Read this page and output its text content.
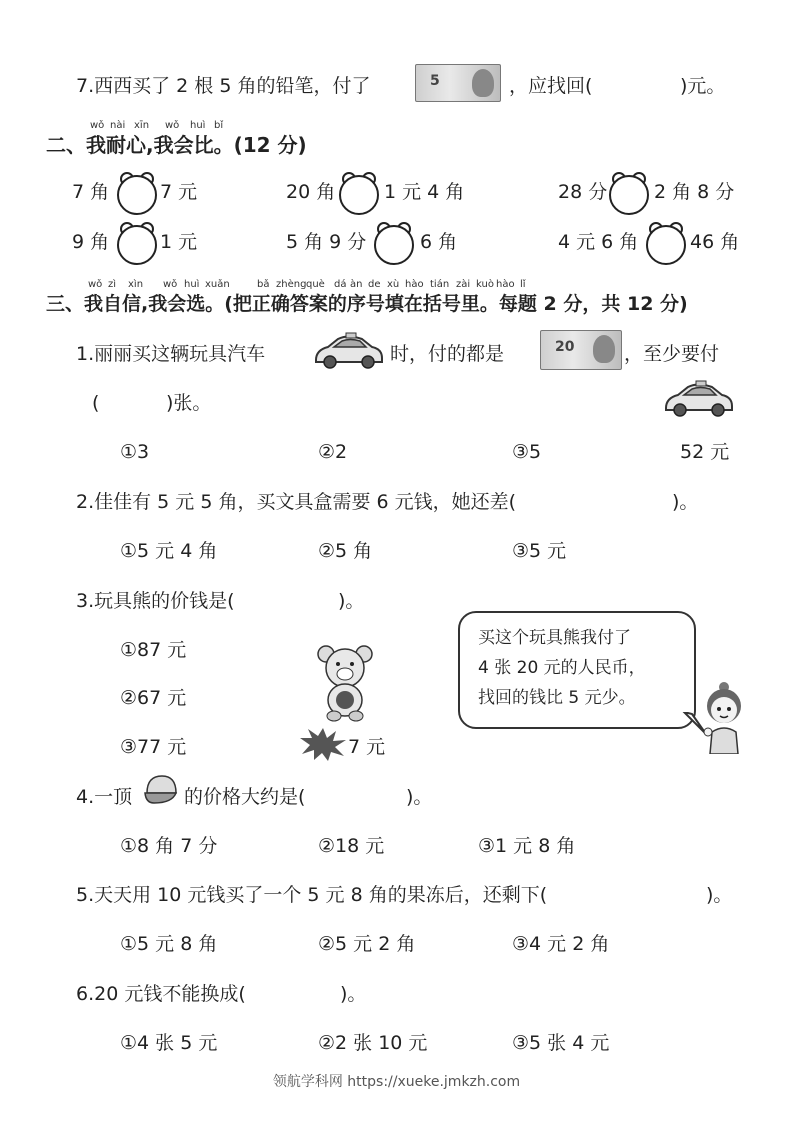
7.西西买了 2 根 5 角的铅笔，付了	5	，应找回(	)元。
wǒ nài xīn wǒ huì bǐ
二、我耐心,我会比。(12 分)
7 角	7 元	20 角	1 元 4 角	28 分 2 角 8 分
9 角	1 元	5 角 9 分	6 角	4 元 6 角	46 角
wǒ zì xìn wǒ huì xuǎn	bǎ zhèng què dá àn de xù hào tián zài kuò hào lǐ
三、我自信,我会选。(把正确答案的序号填在括号里。每题 2 分，共 12 分)
1.丽丽买这辆玩具汽车	时，付的都是	20	，至少要付
(	)张。
①3	②2	③5	52 元
2.佳佳有 5 元 5 角，买文具盒需要 6 元钱，她还差(	)。
①5 元 4 角	②5 角	③5 元
3.玩具熊的价钱是(	)。
①87 元
②67 元
③77 元	7 元
买这个玩具熊我付了
4 张 20 元的人民币，
找回的钱比 5 元少。
4.一顶	的价格大约是(	)。
①8 角 7 分	②18 元	③1 元 8 角
5.天天用 10 元钱买了一个 5 元 8 角的果冻后，还剩下(	)。
①5 元 8 角	②5 元 2 角	③4 元 2 角
6.20 元钱不能换成(	)。
①4 张 5 元	②2 张 10 元	③5 张 4 元
领航学科网 https://xueke.jmkzh.com
